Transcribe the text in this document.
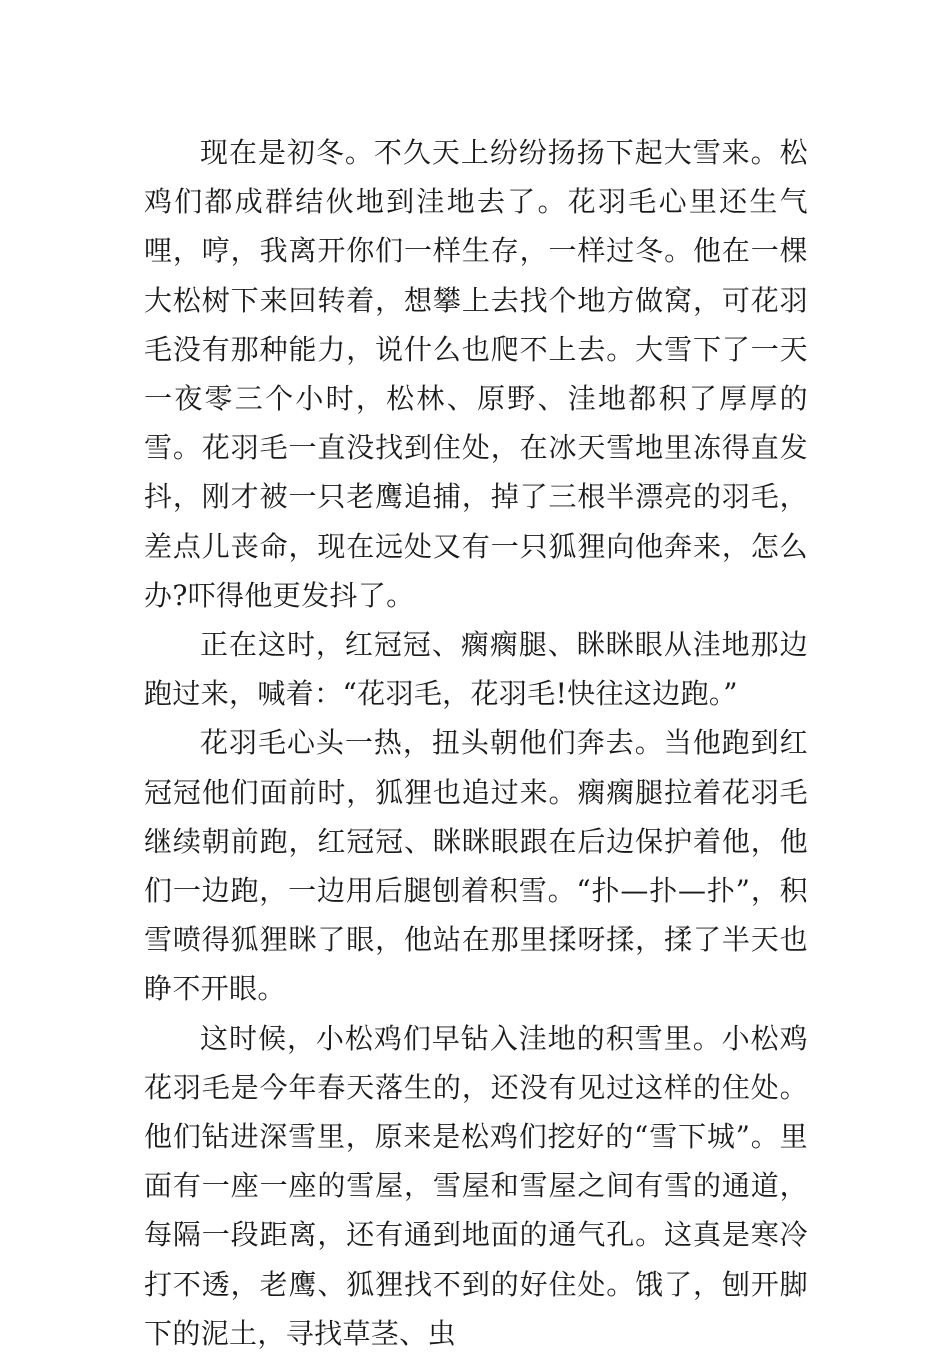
现在是初冬。不久天上纷纷扬扬下起大雪来。松鸡们都成群结伙地到洼地去了。花羽毛心里还生气哩，哼，我离开你们一样生存，一样过冬。他在一棵大松树下来回转着，想攀上去找个地方做窝，可花羽毛没有那种能力，说什么也爬不上去。大雪下了一天一夜零三个小时，松林、原野、洼地都积了厚厚的雪。花羽毛一直没找到住处，在冰天雪地里冻得直发抖，刚才被一只老鹰追捕，掉了三根半漂亮的羽毛，差点儿丧命，现在远处又有一只狐狸向他奔来，怎么办?吓得他更发抖了。

正在这时，红冠冠、瘸瘸腿、眯眯眼从洼地那边跑过来，喊着：“花羽毛，花羽毛!快往这边跑。”

花羽毛心头一热，扭头朝他们奔去。当他跑到红冠冠他们面前时，狐狸也追过来。瘸瘸腿拉着花羽毛继续朝前跑，红冠冠、眯眯眼跟在后边保护着他，他们一边跑，一边用后腿刨着积雪。“扑—扑—扑”，积雪喷得狐狸眯了眼，他站在那里揉呀揉，揉了半天也睁不开眼。

这时候，小松鸡们早钻入洼地的积雪里。小松鸡花羽毛是今年春天落生的，还没有见过这样的住处。他们钻进深雪里，原来是松鸡们挖好的“雪下城”。里面有一座一座的雪屋，雪屋和雪屋之间有雪的通道，每隔一段距离，还有通到地面的通气孔。这真是寒冷打不透，老鹰、狐狸找不到的好住处。饿了，刨开脚下的泥土，寻找草茎、虫
